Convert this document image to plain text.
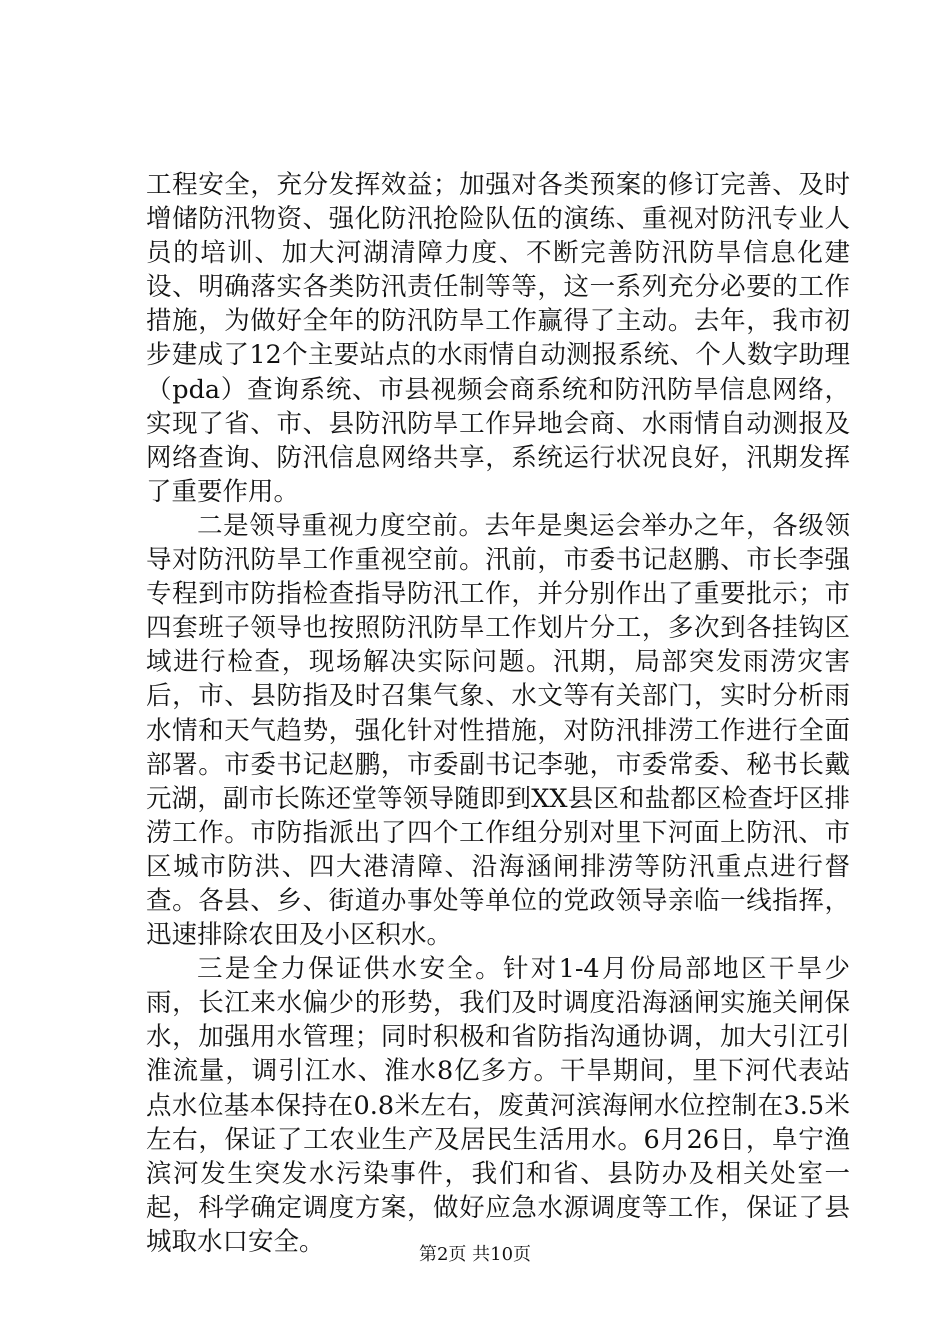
工程安全，充分发挥效益；加强对各类预案的修订完善、及时增储防汛物资、强化防汛抢险队伍的演练、重视对防汛专业人员的培训、加大河湖清障力度、不断完善防汛防旱信息化建设、明确落实各类防汛责任制等等，这一系列充分必要的工作措施，为做好全年的防汛防旱工作赢得了主动。去年，我市初步建成了12个主要站点的水雨情自动测报系统、个人数字助理（pda）查询系统、市县视频会商系统和防汛防旱信息网络，实现了省、市、县防汛防旱工作异地会商、水雨情自动测报及网络查询、防汛信息网络共享，系统运行状况良好，汛期发挥了重要作用。

二是领导重视力度空前。去年是奥运会举办之年，各级领导对防汛防旱工作重视空前。汛前，市委书记赵鹏、市长李强专程到市防指检查指导防汛工作，并分别作出了重要批示；市四套班子领导也按照防汛防旱工作划片分工，多次到各挂钩区域进行检查，现场解决实际问题。汛期，局部突发雨涝灾害后，市、县防指及时召集气象、水文等有关部门，实时分析雨水情和天气趋势，强化针对性措施，对防汛排涝工作进行全面部署。市委书记赵鹏，市委副书记李驰，市委常委、秘书长戴元湖，副市长陈还堂等领导随即到XX县区和盐都区检查圩区排涝工作。市防指派出了四个工作组分别对里下河面上防汛、市区城市防洪、四大港清障、沿海涵闸排涝等防汛重点进行督查。各县、乡、街道办事处等单位的党政领导亲临一线指挥，迅速排除农田及小区积水。

三是全力保证供水安全。针对1-4月份局部地区干旱少雨，长江来水偏少的形势，我们及时调度沿海涵闸实施关闸保水，加强用水管理；同时积极和省防指沟通协调，加大引江引淮流量，调引江水、淮水8亿多方。干旱期间，里下河代表站点水位基本保持在0.8米左右，废黄河滨海闸水位控制在3.5米左右，保证了工农业生产及居民生活用水。6月26日，阜宁渔滨河发生突发水污染事件，我们和省、县防办及相关处室一起，科学确定调度方案，做好应急水源调度等工作，保证了县城取水口安全。	第2页 共10页
